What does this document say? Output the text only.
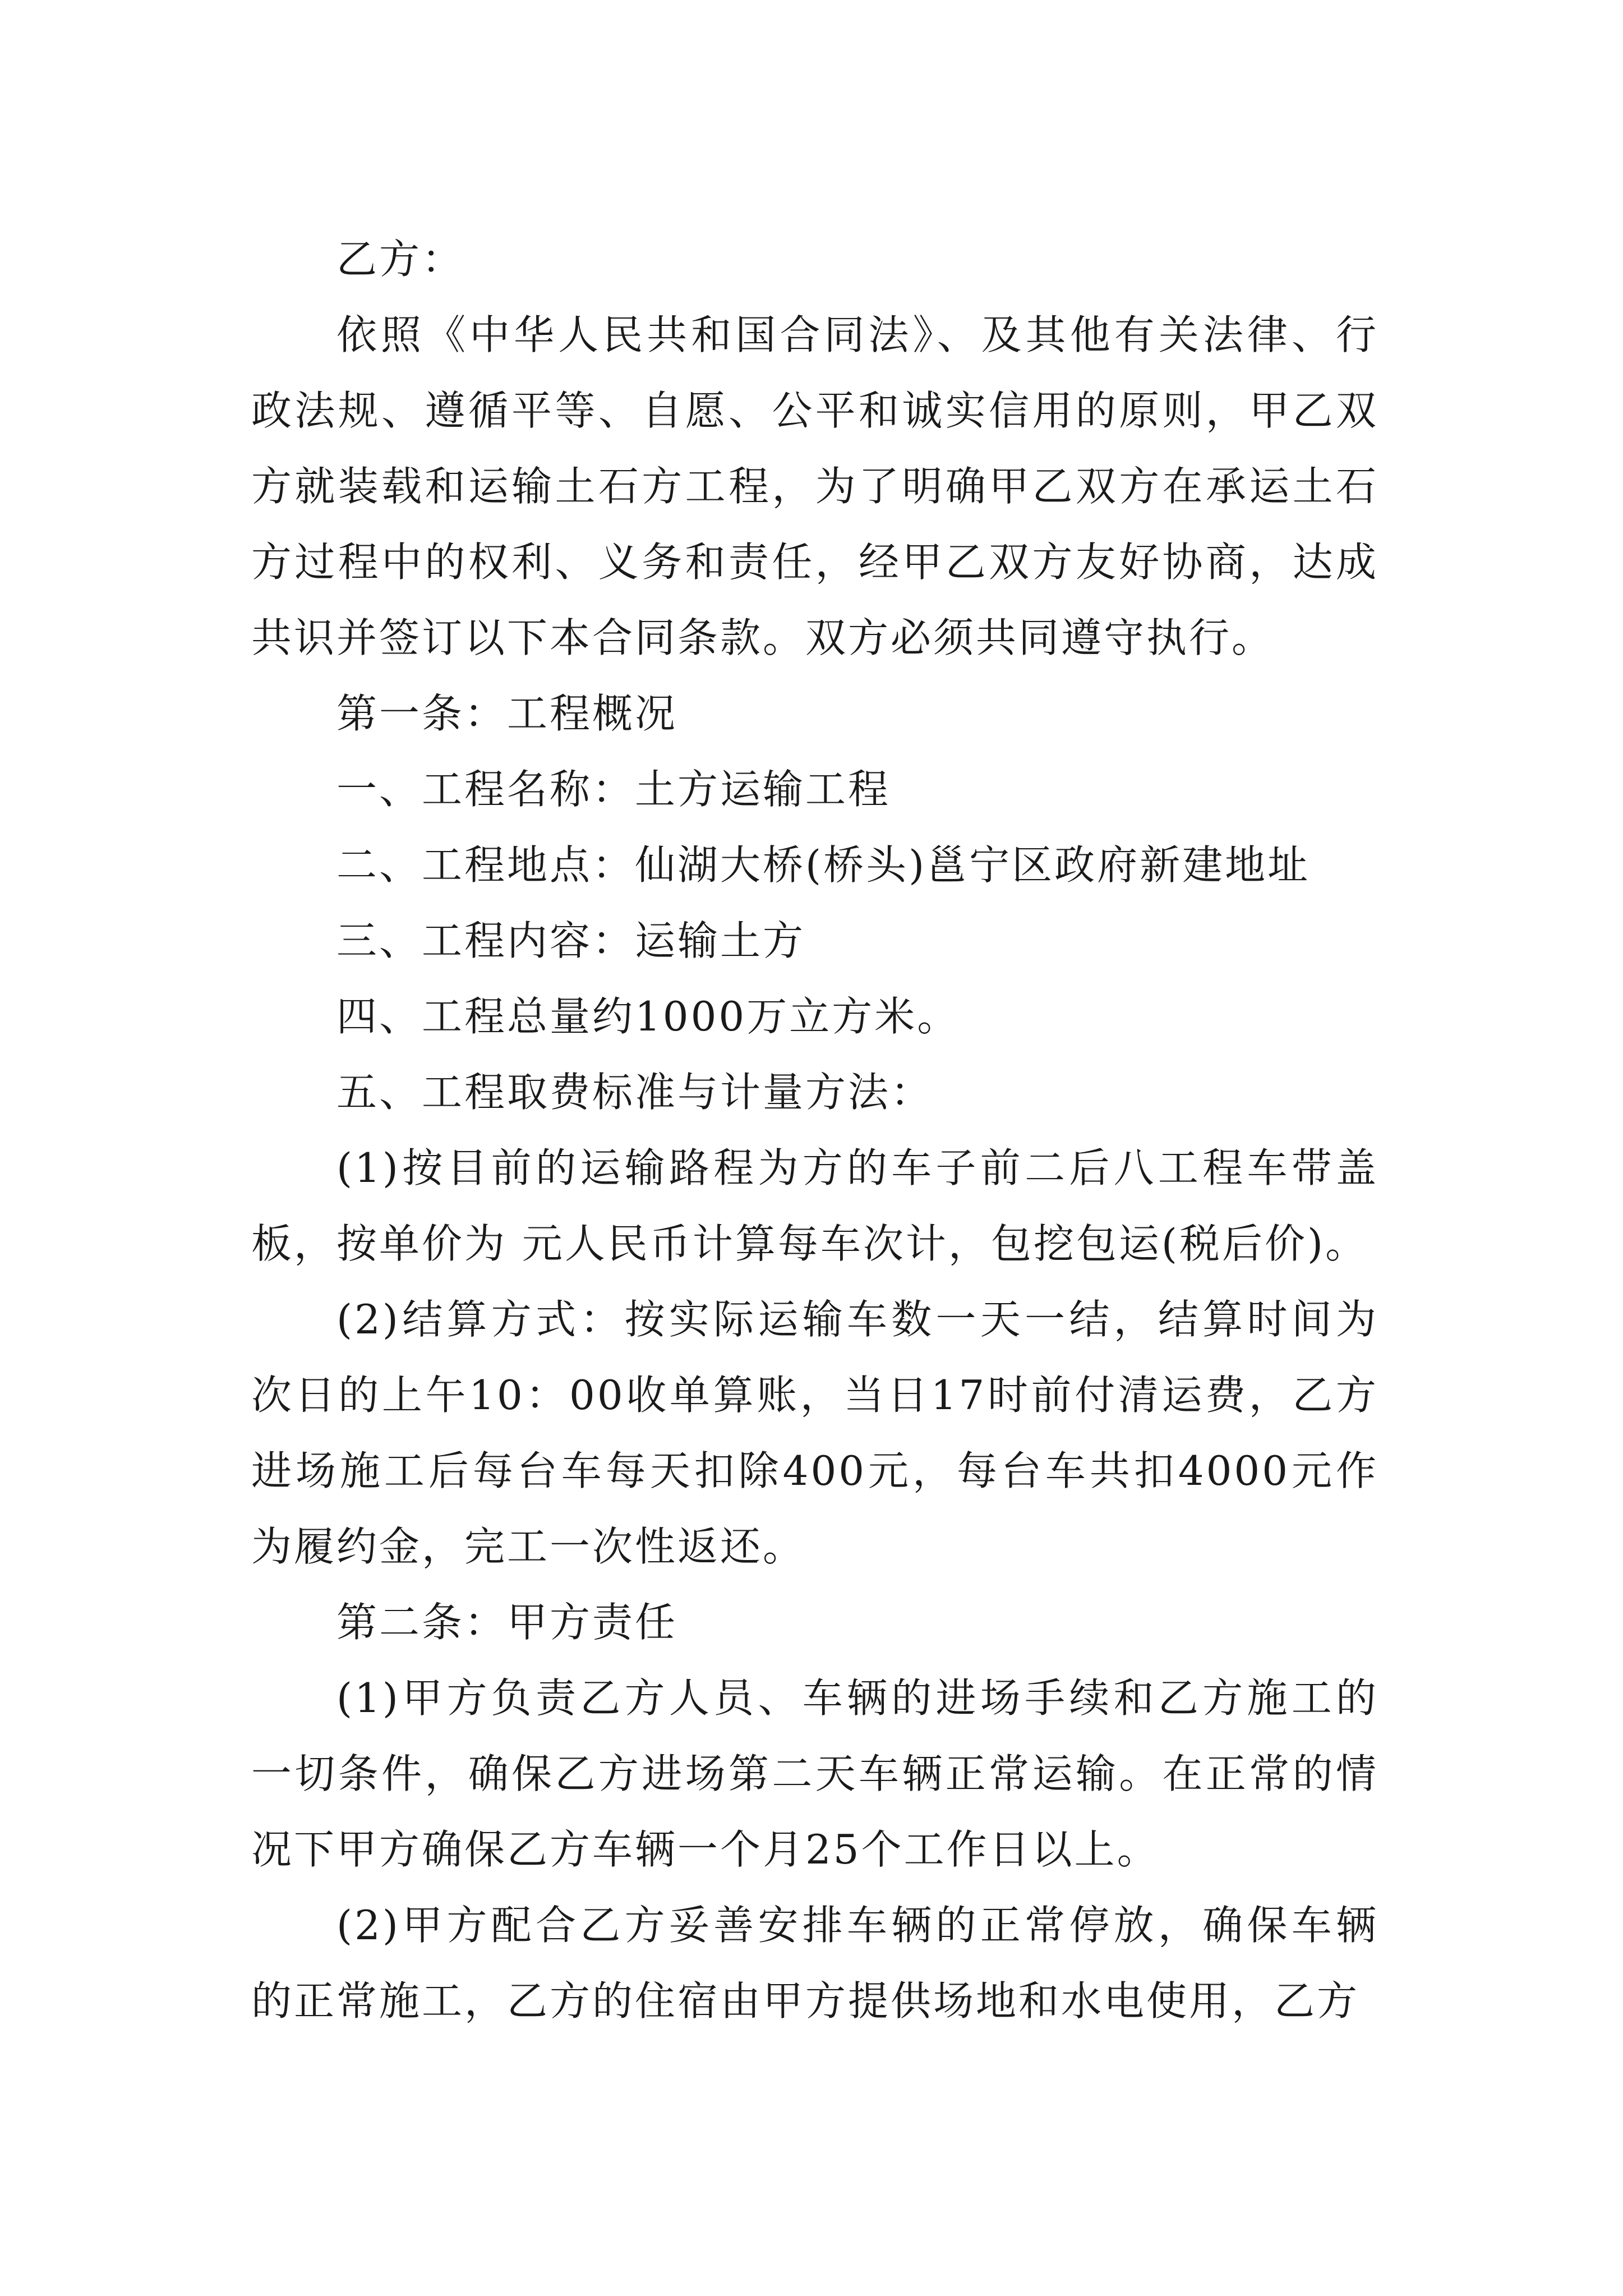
乙方：

依照《中华人民共和国合同法》、及其他有关法律、行政法规、遵循平等、自愿、公平和诚实信用的原则，甲乙双方就装载和运输土石方工程，为了明确甲乙双方在承运土石方过程中的权利、义务和责任，经甲乙双方友好协商，达成共识并签订以下本合同条款。双方必须共同遵守执行。

第一条：工程概况

一、工程名称：土方运输工程

二、工程地点：仙湖大桥(桥头)邕宁区政府新建地址

三、工程内容：运输土方

四、工程总量约1000万立方米。

五、工程取费标准与计量方法：

(1)按目前的运输路程为方的车子前二后八工程车带盖板，按单价为 元人民币计算每车次计，包挖包运(税后价)。

(2)结算方式：按实际运输车数一天一结，结算时间为次日的上午10：00收单算账，当日17时前付清运费，乙方进场施工后每台车每天扣除400元，每台车共扣4000元作为履约金，完工一次性返还。

第二条：甲方责任

(1)甲方负责乙方人员、车辆的进场手续和乙方施工的一切条件，确保乙方进场第二天车辆正常运输。在正常的情况下甲方确保乙方车辆一个月25个工作日以上。

(2)甲方配合乙方妥善安排车辆的正常停放，确保车辆的正常施工，乙方的住宿由甲方提供场地和水电使用，乙方
